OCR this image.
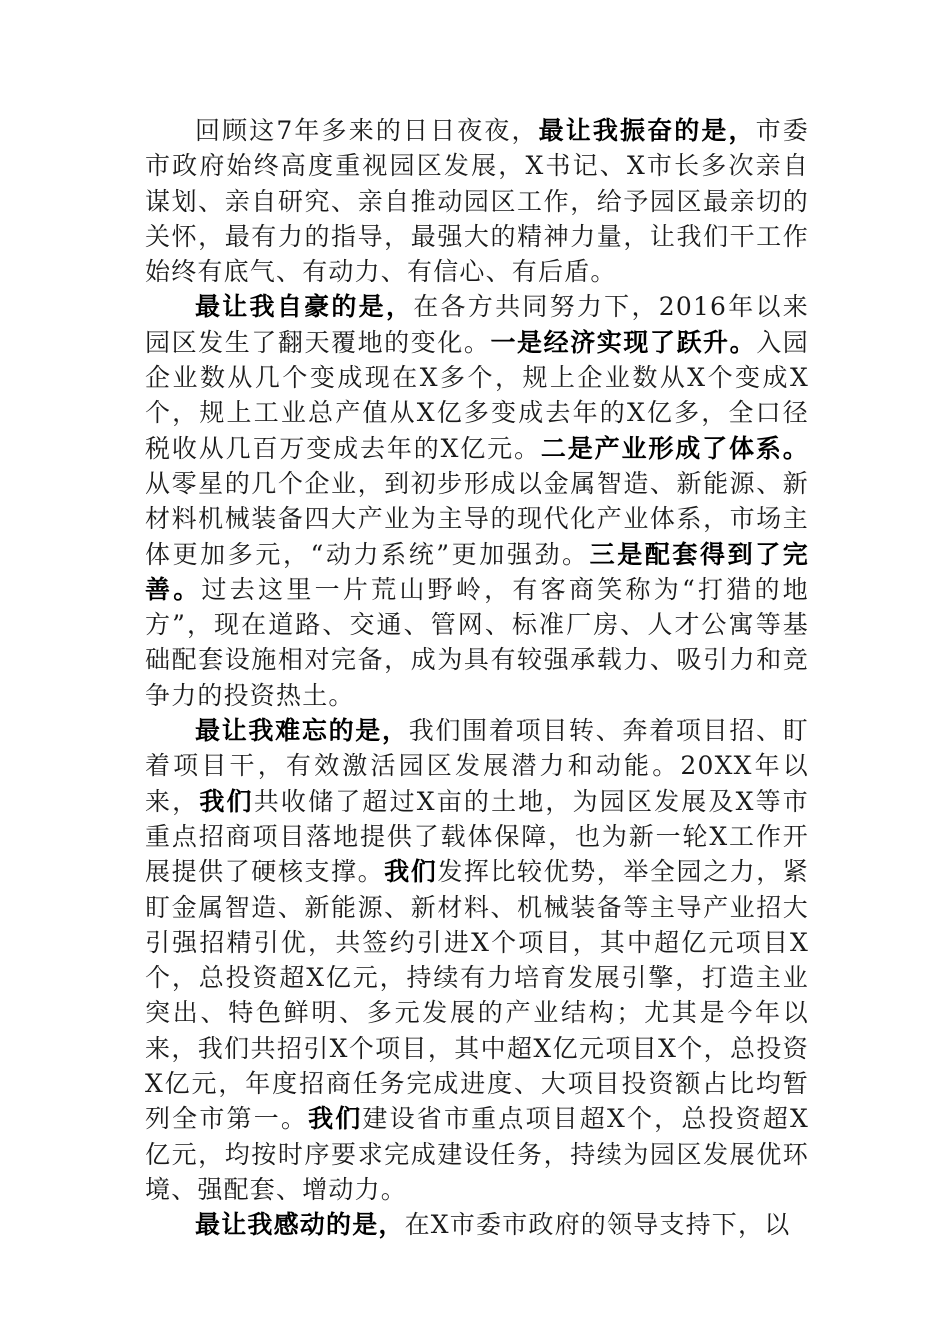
回顾这7年多来的日日夜夜，最让我振奋的是，市委市政府始终高度重视园区发展，X书记、X市长多次亲自谋划、亲自研究、亲自推动园区工作，给予园区最亲切的关怀，最有力的指导，最强大的精神力量，让我们干工作始终有底气、有动力、有信心、有后盾。

最让我自豪的是，在各方共同努力下，2016年以来园区发生了翻天覆地的变化。一是经济实现了跃升。入园企业数从几个变成现在X多个，规上企业数从X个变成X个，规上工业总产值从X亿多变成去年的X亿多，全口径税收从几百万变成去年的X亿元。二是产业形成了体系。从零星的几个企业，到初步形成以金属智造、新能源、新材料机械装备四大产业为主导的现代化产业体系，市场主体更加多元，“动力系统”更加强劲。三是配套得到了完善。过去这里一片荒山野岭，有客商笑称为“打猎的地方”，现在道路、交通、管网、标准厂房、人才公寓等基础配套设施相对完备，成为具有较强承载力、吸引力和竞争力的投资热土。

最让我难忘的是，我们围着项目转、奔着项目招、盯着项目干，有效激活园区发展潜力和动能。20XX年以来，我们共收储了超过X亩的土地，为园区发展及X等市重点招商项目落地提供了载体保障，也为新一轮X工作开展提供了硬核支撑。我们发挥比较优势，举全园之力，紧盯金属智造、新能源、新材料、机械装备等主导产业招大引强招精引优，共签约引进X个项目，其中超亿元项目X个，总投资超X亿元，持续有力培育发展引擎，打造主业突出、特色鲜明、多元发展的产业结构；尤其是今年以来，我们共招引X个项目，其中超X亿元项目X个，总投资X亿元，年度招商任务完成进度、大项目投资额占比均暂列全市第一。我们建设省市重点项目超X个，总投资超X亿元，均按时序要求完成建设任务，持续为园区发展优环境、强配套、增动力。

最让我感动的是，在X市委市政府的领导支持下，以
